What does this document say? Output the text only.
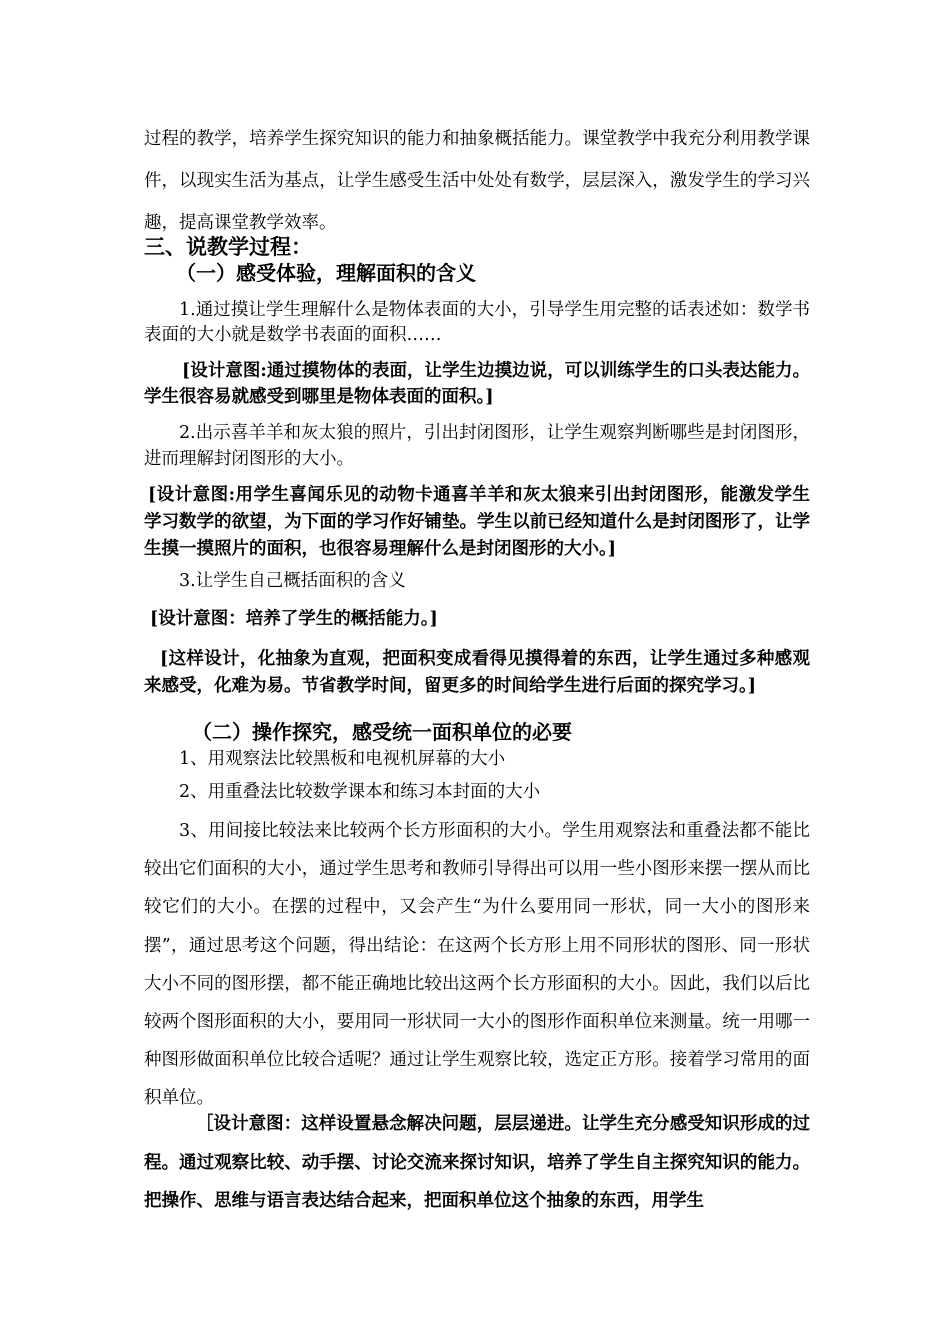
过程的教学，培养学生探究知识的能力和抽象概括能力。课堂教学中我充分利用教学课件，以现实生活为基点，让学生感受生活中处处有数学，层层深入，激发学生的学习兴趣，提高课堂教学效率。

三、说教学过程：
（一）感受体验，理解面积的含义

1.通过摸让学生理解什么是物体表面的大小，引导学生用完整的话表述如：数学书表面的大小就是数学书表面的面积……

[设计意图:通过摸物体的表面，让学生边摸边说，可以训练学生的口头表达能力。学生很容易就感受到哪里是物体表面的面积。]

2.出示喜羊羊和灰太狼的照片，引出封闭图形，让学生观察判断哪些是封闭图形，进而理解封闭图形的大小。

[设计意图:用学生喜闻乐见的动物卡通喜羊羊和灰太狼来引出封闭图形，能激发学生学习数学的欲望，为下面的学习作好铺垫。学生以前已经知道什么是封闭图形了，让学生摸一摸照片的面积，也很容易理解什么是封闭图形的大小。]

3.让学生自己概括面积的含义

[设计意图：培养了学生的概括能力。]

[这样设计，化抽象为直观，把面积变成看得见摸得着的东西，让学生通过多种感观来感受，化难为易。节省教学时间，留更多的时间给学生进行后面的探究学习。]

（二）操作探究，感受统一面积单位的必要

1、用观察法比较黑板和电视机屏幕的大小

2、用重叠法比较数学课本和练习本封面的大小

3、用间接比较法来比较两个长方形面积的大小。学生用观察法和重叠法都不能比较出它们面积的大小，通过学生思考和教师引导得出可以用一些小图形来摆一摆从而比较它们的大小。在摆的过程中，又会产生“为什么要用同一形状，同一大小的图形来摆”，通过思考这个问题，得出结论：在这两个长方形上用不同形状的图形、同一形状大小不同的图形摆，都不能正确地比较出这两个长方形面积的大小。因此，我们以后比较两个图形面积的大小，要用同一形状同一大小的图形作面积单位来测量。统一用哪一种图形做面积单位比较合适呢？通过让学生观察比较，选定正方形。接着学习常用的面积单位。

［设计意图：这样设置悬念解决问题，层层递进。让学生充分感受知识形成的过程。通过观察比较、动手摆、讨论交流来探讨知识，培养了学生自主探究知识的能力。把操作、思维与语言表达结合起来，把面积单位这个抽象的东西，用学生
